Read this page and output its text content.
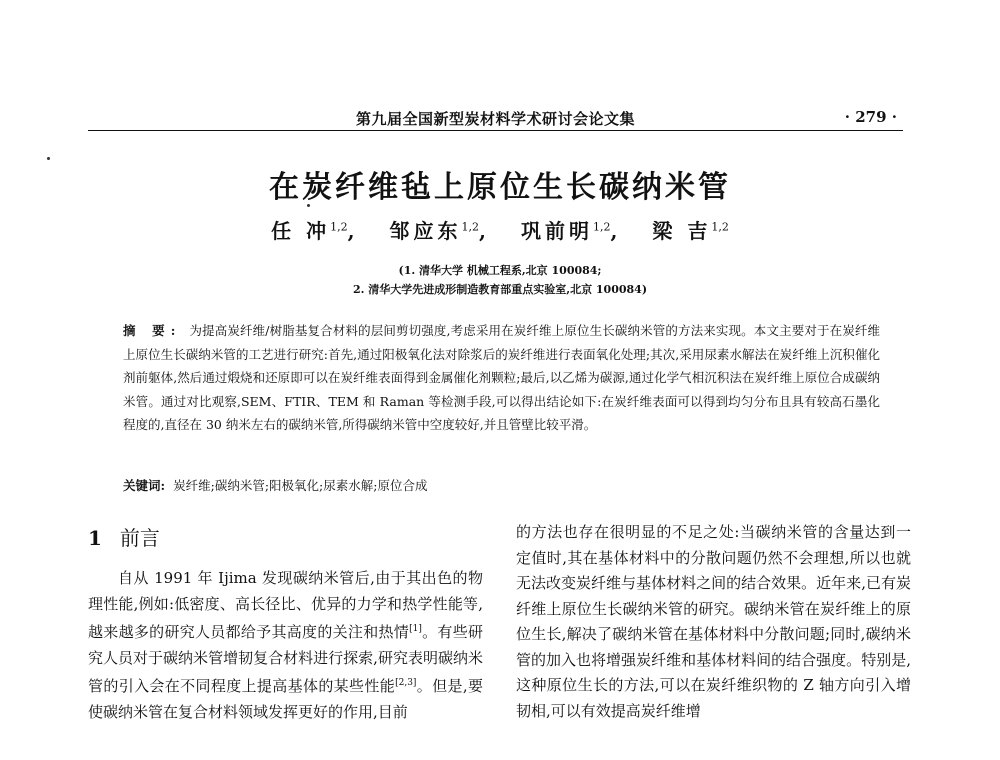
第九届全国新型炭材料学术研讨会论文集	· 279 ·
在炭纤维毡上原位生长碳纳米管
任 冲$^{1,2}$, 邹应东$^{1,2}$, 巩前明$^{1,2}$, 梁 吉$^{1,2}$
(1. 清华大学 机械工程系,北京 100084;
2. 清华大学先进成形制造教育部重点实验室,北京 100084)
摘 要: 为提高炭纤维/树脂基复合材料的层间剪切强度,考虑采用在炭纤维上原位生长碳纳米管的方法来实现。本文主要对于在炭纤维上原位生长碳纳米管的工艺进行研究:首先,通过阳极氧化法对除浆后的炭纤维进行表面氧化处理;其次,采用尿素水解法在炭纤维上沉积催化剂前躯体,然后通过煅烧和还原即可以在炭纤维表面得到金属催化剂颗粒;最后,以乙烯为碳源,通过化学气相沉积法在炭纤维上原位合成碳纳米管。通过对比观察,SEM、FTIR、TEM 和 Raman 等检测手段,可以得出结论如下:在炭纤维表面可以得到均匀分布且具有较高石墨化程度的,直径在 30 纳米左右的碳纳米管,所得碳纳米管中空度较好,并且管壁比较平滑。
关键词: 炭纤维;碳纳米管;阳极氧化;尿素水解;原位合成
1 前言

自从 1991 年 Ijima 发现碳纳米管后,由于其出色的物理性能,例如:低密度、高长径比、优异的力学和热学性能等,越来越多的研究人员都给予其高度的关注和热情[1]。有些研究人员对于碳纳米管增韧复合材料进行探索,研究表明碳纳米管的引入会在不同程度上提高基体的某些性能[2,3]。但是,要使碳纳米管在复合材料领域发挥更好的作用,目前

的方法也存在很明显的不足之处:当碳纳米管的含量达到一定值时,其在基体材料中的分散问题仍然不会理想,所以也就无法改变炭纤维与基体材料之间的结合效果。近年来,已有炭纤维上原位生长碳纳米管的研究。碳纳米管在炭纤维上的原位生长,解决了碳纳米管在基体材料中分散问题;同时,碳纳米管的加入也将增强炭纤维和基体材料间的结合强度。特别是,这种原位生长的方法,可以在炭纤维织物的 Z 轴方向引入增韧相,可以有效提高炭纤维增
